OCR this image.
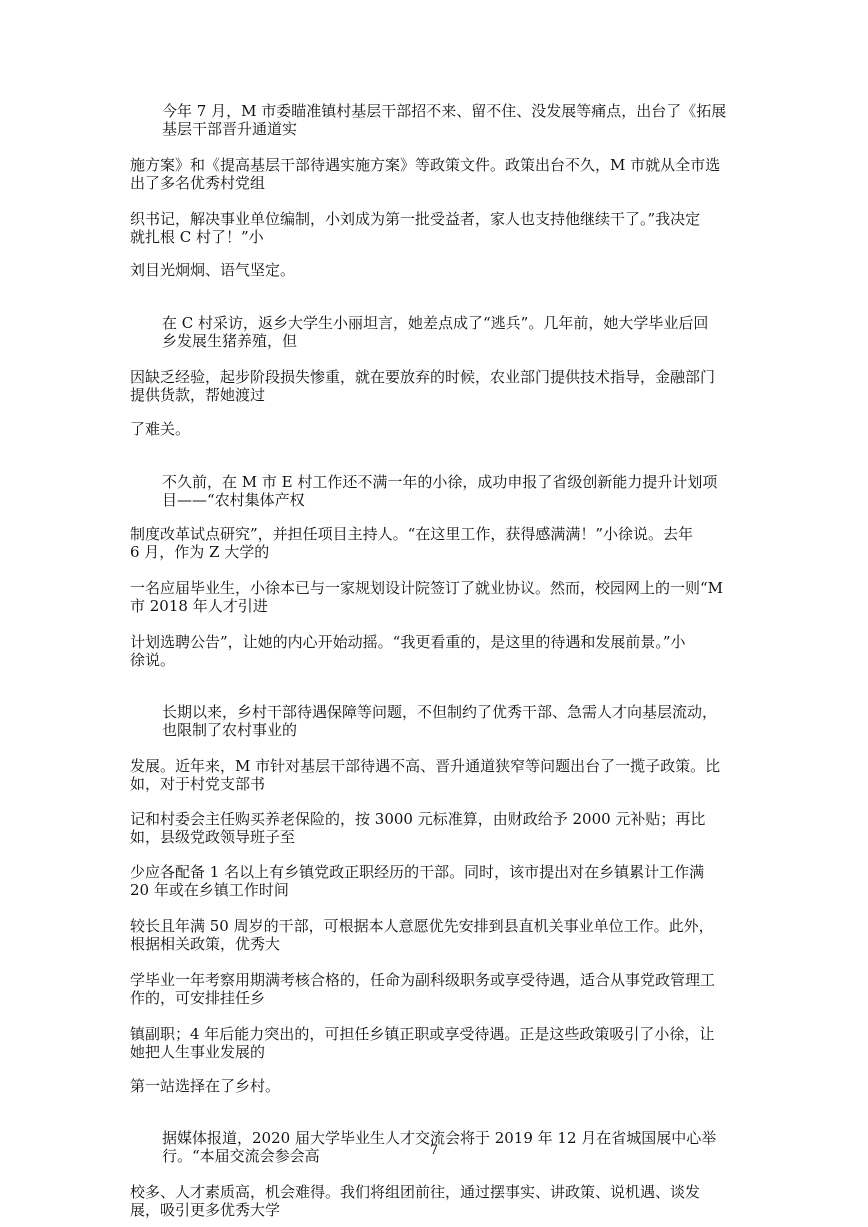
今年 7 月，M 市委瞄准镇村基层干部招不来、留不住、没发展等痛点，出台了《拓展
基层干部晋升通道实
施方案》和《提高基层干部待遇实施方案》等政策文件。政策出台不久，M 市就从全市选
出了多名优秀村党组
织书记，解决事业单位编制，小刘成为第一批受益者，家人也支持他继续干了。”我决定
就扎根 C 村了！”小
刘目光炯炯、语气坚定。
在 C 村采访，返乡大学生小丽坦言，她差点成了“逃兵”。几年前，她大学毕业后回
乡发展生猪养殖，但
因缺乏经验，起步阶段损失惨重，就在要放弃的时候，农业部门提供技术指导，金融部门
提供货款，帮她渡过
了难关。
不久前，在 M 市 E 村工作还不满一年的小徐，成功申报了省级创新能力提升计划项
目——“农村集体产权
制度改革试点研究”，并担任项目主持人。“在这里工作，获得感满满！”小徐说。去年
6 月，作为 Z 大学的
一名应届毕业生，小徐本已与一家规划设计院签订了就业协议。然而，校园网上的一则“M
市 2018 年人才引进
计划选聘公告”，让她的内心开始动摇。“我更看重的，是这里的待遇和发展前景。”小
徐说。
长期以来，乡村干部待遇保障等问题，不但制约了优秀干部、急需人才向基层流动，
也限制了农村事业的
发展。近年来，M 市针对基层干部待遇不高、晋升通道狭窄等问题出台了一揽子政策。比
如，对于村党支部书
记和村委会主任购买养老保险的，按 3000 元标准算，由财政给予 2000 元补贴；再比
如，县级党政领导班子至
少应各配备 1 名以上有乡镇党政正职经历的干部。同时，该市提出对在乡镇累计工作满
20 年或在乡镇工作时间
较长且年满 50 周岁的干部，可根据本人意愿优先安排到县直机关事业单位工作。此外，
根据相关政策，优秀大
学毕业一年考察用期满考核合格的，任命为副科级职务或享受待遇，适合从事党政管理工
作的，可安排挂任乡
镇副职；4 年后能力突出的，可担任乡镇正职或享受待遇。正是这些政策吸引了小徐，让
她把人生事业发展的
第一站选择在了乡村。
据媒体报道，2020 届大学毕业生人才交流会将于 2019 年 12 月在省城国展中心举
行。“本届交流会参会高
校多、人才素质高，机会难得。我们将组团前往，通过摆事实、讲政策、说机遇、谈发
展，吸引更多优秀大学
7
